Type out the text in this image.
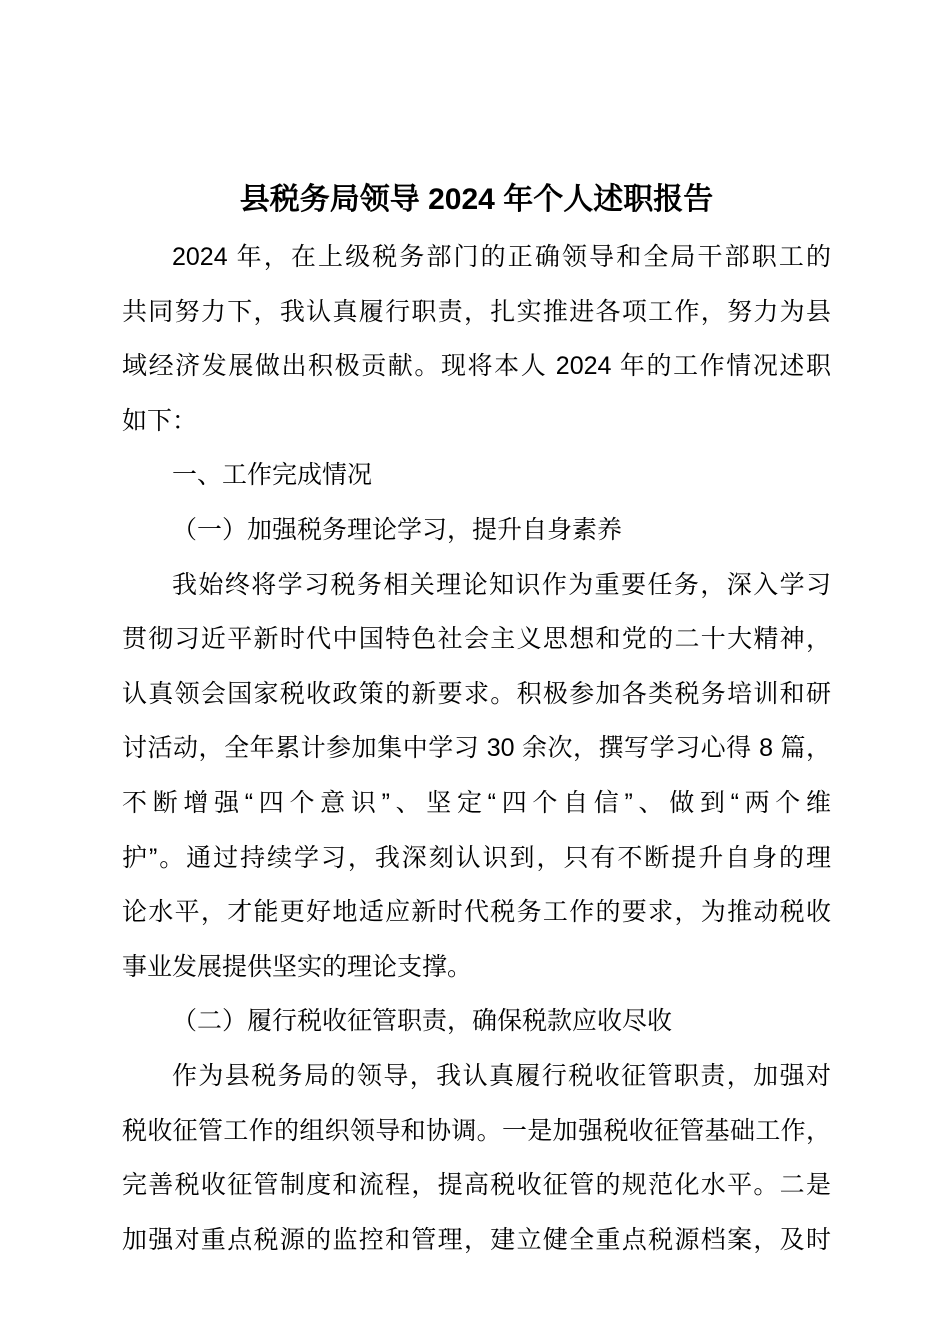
县税务局领导 2024 年个人述职报告
2024 年，在上级税务部门的正确领导和全局干部职工的
共同努力下，我认真履行职责，扎实推进各项工作，努力为县
域经济发展做出积极贡献。现将本人 2024 年的工作情况述职
如下：
一、工作完成情况
（一）加强税务理论学习，提升自身素养
我始终将学习税务相关理论知识作为重要任务，深入学习
贯彻习近平新时代中国特色社会主义思想和党的二十大精神，
认真领会国家税收政策的新要求。积极参加各类税务培训和研
讨活动，全年累计参加集中学习 30 余次，撰写学习心得 8 篇，
不断增强“四个意识”、坚定“四个自信”、做到“两个维
护”。通过持续学习，我深刻认识到，只有不断提升自身的理
论水平，才能更好地适应新时代税务工作的要求，为推动税收
事业发展提供坚实的理论支撑。
（二）履行税收征管职责，确保税款应收尽收
作为县税务局的领导，我认真履行税收征管职责，加强对
税收征管工作的组织领导和协调。一是加强税收征管基础工作，
完善税收征管制度和流程，提高税收征管的规范化水平。二是
加强对重点税源的监控和管理，建立健全重点税源档案，及时
